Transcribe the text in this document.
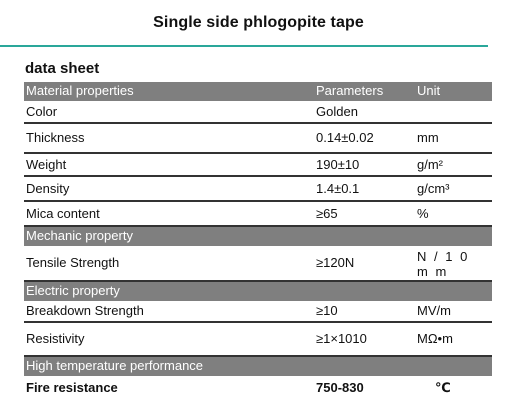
Single side phlogopite tape
data sheet
Material properties	Parameters	Unit
Color	Golden
Thickness	0.14±0.02	mm
Weight	190±10	g/m²
Density	1.4±0.1	g/cm³
Mica content	≥65	%
Mechanic property
Tensile Strength	≥120N	N / 1 0 m m
Electric property
Breakdown Strength	≥10	MV/m
Resistivity	≥1×1010	MΩ•m
High temperature performance
Fire resistance	750-830	℃
